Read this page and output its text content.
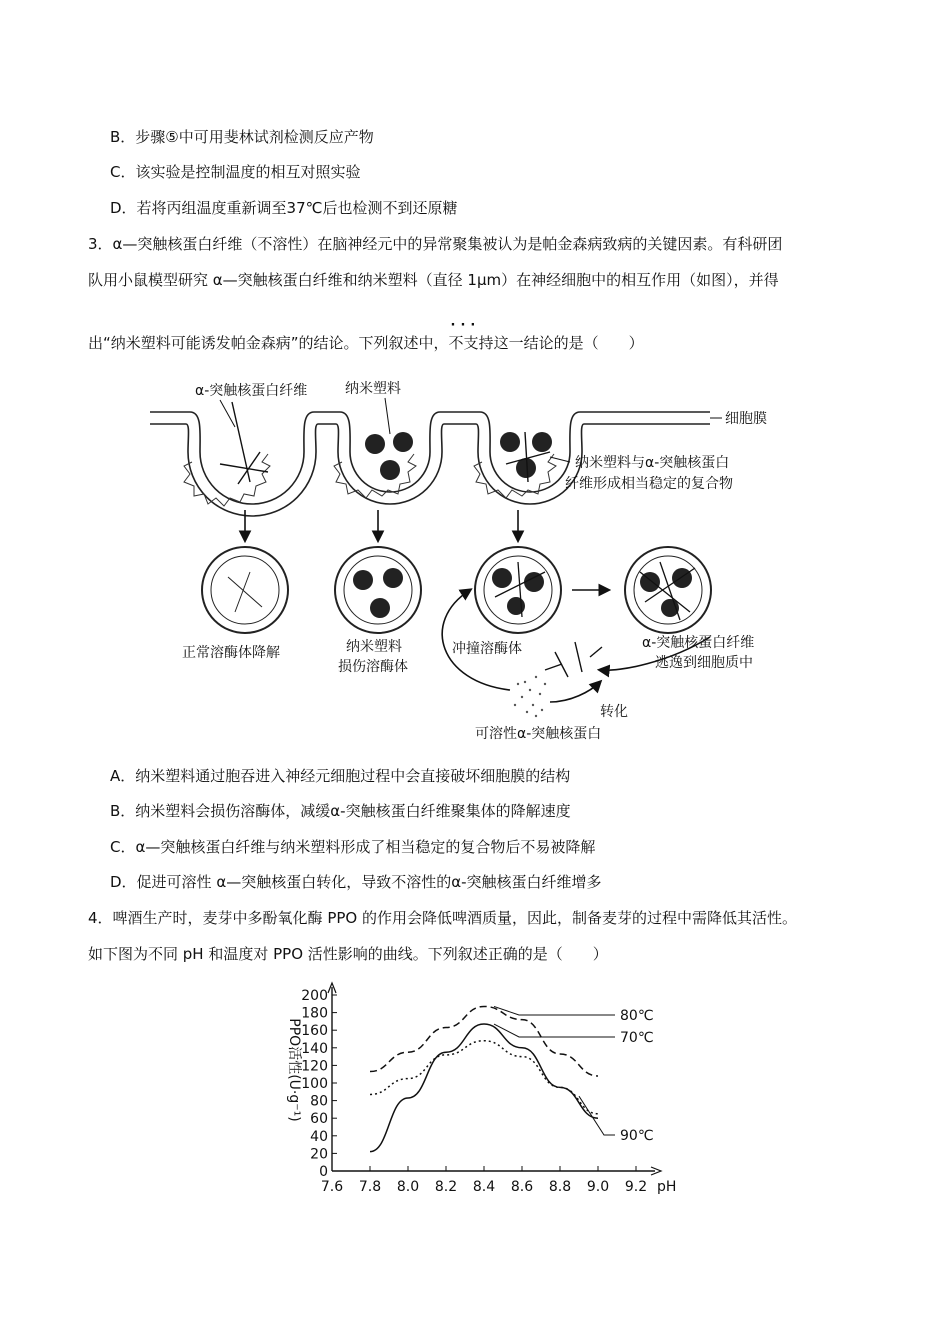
B．步骤⑤中可用斐林试剂检测反应产物
C．该实验是控制温度的相互对照实验
D．若将丙组温度重新调至37℃后也检测不到还原糖
3．α—突触核蛋白纤维（不溶性）在脑神经元中的异常聚集被认为是帕金森病致病的关键因素。有科研团
队用小鼠模型研究 α—突触核蛋白纤维和纳米塑料（直径 1μm）在神经细胞中的相互作用（如图），并得
出“纳米塑料可能诱发帕金森病”的结论。下列叙述中，
···
不支持这一结论的是（　　）
α-突触核蛋白纤维	纳米塑料
细胞膜
纳米塑料与α-突触核蛋白
纤维形成相当稳定的复合物
正常溶酶体降解	纳米塑料
损伤溶酶体
冲撞溶酶体	α-突触核蛋白纤维
逃逸到细胞质中
转化
可溶性α-突触核蛋白
A．纳米塑料通过胞吞进入神经元细胞过程中会直接破坏细胞膜的结构
B．纳米塑料会损伤溶酶体，减缓α-突触核蛋白纤维聚集体的降解速度
C．α—突触核蛋白纤维与纳米塑料形成了相当稳定的复合物后不易被降解
D．促进可溶性 α—突触核蛋白转化，导致不溶性的α-突触核蛋白纤维增多
4．啤酒生产时，麦芽中多酚氧化酶 PPO 的作用会降低啤酒质量，因此，制备麦芽的过程中需降低其活性。
如下图为不同 pH 和温度对 PPO 活性影响的曲线。下列叙述正确的是（　　）
0
20
40
60
80
100
120
140
160
180
200
7.6 7.8 8.0 8.2 8.4 8.6 8.8 9.0 9.2
80℃
70℃
90℃
PPO活性(U·g⁻¹)
pH
